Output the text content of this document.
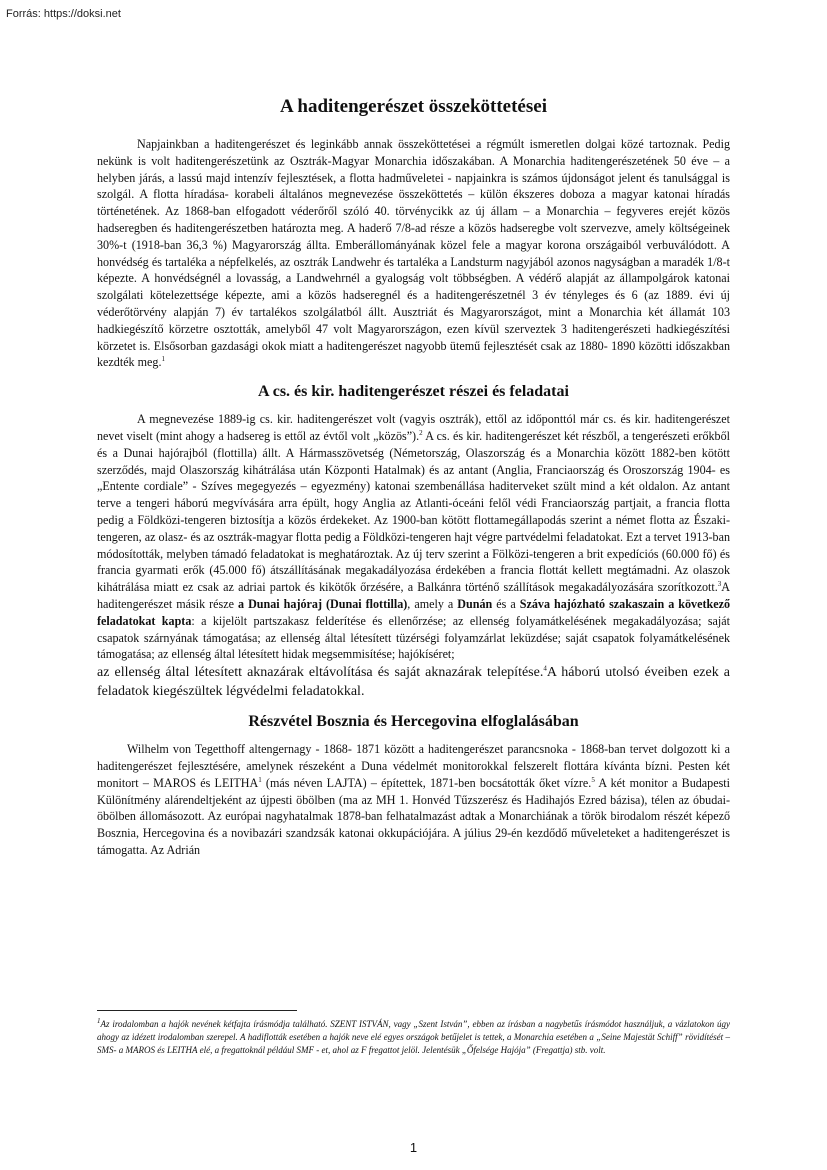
Forrás: https://doksi.net
A haditengerészet összeköttetései

Napjainkban a haditengerészet és leginkább annak összeköttetései a régmúlt ismeretlen dolgai közé tartoznak. Pedig nekünk is volt haditengerészetünk az Osztrák-Magyar Monarchia időszakában. A Monarchia haditengerészetének 50 éve – a helyben járás, a lassú majd intenzív fejlesztések, a flotta hadműveletei - napjainkra is számos újdonságot jelent és tanulsággal is szolgál. A flotta híradása- korabeli általános megnevezése összeköttetés – külön ékszeres doboza a magyar katonai híradás történetének. Az 1868-ban elfogadott véderőről szóló 40. törvénycikk az új állam – a Monarchia – fegyveres erejét közös hadseregben és haditengerészetben határozta meg. A haderő 7/8-ad része a közös hadseregbe volt szervezve, amely költségeinek 30%-t (1918-ban 36,3 %) Magyarország állta. Emberállományának közel fele a magyar korona országaiból verbuválódott. A honvédség és tartaléka a népfelkelés, az osztrák Landwehr és tartaléka a Landsturm nagyjából azonos nagyságban a maradék 1/8-t képezte. A honvédségnél a lovasság, a Landwehrnél a gyalogság volt többségben. A védérő alapját az állampolgárok katonai szolgálati kötelezettsége képezte, ami a közös hadseregnél és a haditengerészetnél 3 év tényleges és 6 (az 1889. évi új véderőtörvény alapján 7) év tartalékos szolgálatból állt. Ausztriát és Magyarországot, mint a Monarchia két államát 103 hadkiegészítő körzetre osztották, amelyből 47 volt Magyarországon, ezen kívül szerveztek 3 haditengerészeti hadkiegészítési körzetet is. Elsősorban gazdasági okok miatt a haditengerészet nagyobb ütemű fejlesztését csak az 1880- 1890 közötti időszakban kezdték meg.$^1$

A cs. és kir. haditengerészet részei és feladatai

A megnevezése 1889-ig cs. kir. haditengerészet volt (vagyis osztrák), ettől az időponttól már cs. és kir. haditengerészet nevet viselt (mint ahogy a hadsereg is ettől az évtől volt „közös”).$^2$ A cs. és kir. haditengerészet két részből, a tengerészeti erőkből és a Dunai hajórajból (flottilla) állt. A Hármasszövetség (Németország, Olaszország és a Monarchia között 1882-ben kötött szerződés, majd Olaszország kihátrálása után Központi Hatalmak) és az antant (Anglia, Franciaország és Oroszország 1904- es „Entente cordiale” - Szíves megegyezés – egyezmény) katonai szembenállása haditerveket szült mind a két oldalon. Az antant terve a tengeri háború megvívására arra épült, hogy Anglia az Atlanti-óceáni felől védi Franciaország partjait, a francia flotta pedig a Földközi-tengeren biztosítja a közös érdekeket. Az 1900-ban kötött flottamegállapodás szerint a német flotta az Északi-tengeren, az olasz- és az osztrák-magyar flotta pedig a Földközi-tengeren hajt végre partvédelmi feladatokat. Ezt a tervet 1913-ban módosították, melyben támadó feladatokat is meghatároztak. Az új terv szerint a Fölközi-tengeren a brit expedíciós (60.000 fő) és francia gyarmati erők (45.000 fő) átszállításának megakadályozása érdekében a francia flottát kellett megtámadni. Az olaszok kihátrálása miatt ez csak az adriai partok és kikötők őrzésére, a Balkánra történő szállítások megakadályozására szorítkozott.$^3$A haditengerészet másik része a Dunai hajóraj (Dunai flottilla), amely a Dunán és a Száva hajózható szakaszain a következő feladatokat kapta: a kijelölt partszakasz felderítése és ellenőrzése; az ellenség folyamátkelésének megakadályozása; saját csapatok szárnyának támogatása; az ellenség által létesített tüzérségi folyamzárlat leküzdése; saját csapatok folyamátkelésének támogatása; az ellenség által létesített hidak megsemmisítése; hajókíséret;

az ellenség által létesített aknazárak eltávolítása és saját aknazárak telepítése.$^4$A háború utolsó éveiben ezek a feladatok kiegészültek légvédelmi feladatokkal.

Részvétel Bosznia és Hercegovina elfoglalásában

Wilhelm von Tegetthoff altengernagy - 1868- 1871 között a haditengerészet parancsnoka - 1868-ban tervet dolgozott ki a haditengerészet fejlesztésére, amelynek részeként a Duna védelmét monitorokkal felszerelt flottára kívánta bízni. Pesten két monitort – MAROS és LEITHA$^1$ (más néven LAJTA) – építettek, 1871-ben bocsátották őket vízre.$^5$ A két monitor a Budapesti Különítmény alárendeltjeként az újpesti öbölben (ma az MH 1. Honvéd Tűzszerész és Hadihajós Ezred bázisa), télen az óbudai- öbölben állomásozott. Az európai nagyhatalmak 1878-ban felhatalmazást adtak a Monarchiának a török birodalom részét képező Bosznia, Hercegovina és a novibazári szandzsák katonai okkupációjára. A július 29-én kezdődő műveleteket a haditengerészet is támogatta. Az Adrián

$^1$Az irodalomban a hajók nevének kétfajta írásmódja található. SZENT ISTVÁN, vagy „Szent István”, ebben az írásban a nagybetűs írásmódot használjuk, a vázlatokon úgy ahogy az idézett irodalomban szerepel. A hadiflották esetében a hajók neve elé egyes országok betűjelet is tettek, a Monarchia esetében a „Seine Majestät Schiff” rövidítését –SMS- a MAROS és LEITHA elé, a fregattoknál például SMF - et, ahol az F fregattot jelöl. Jelentésük „Őfelsége Hajója” (Fregattja) stb. volt.
1
